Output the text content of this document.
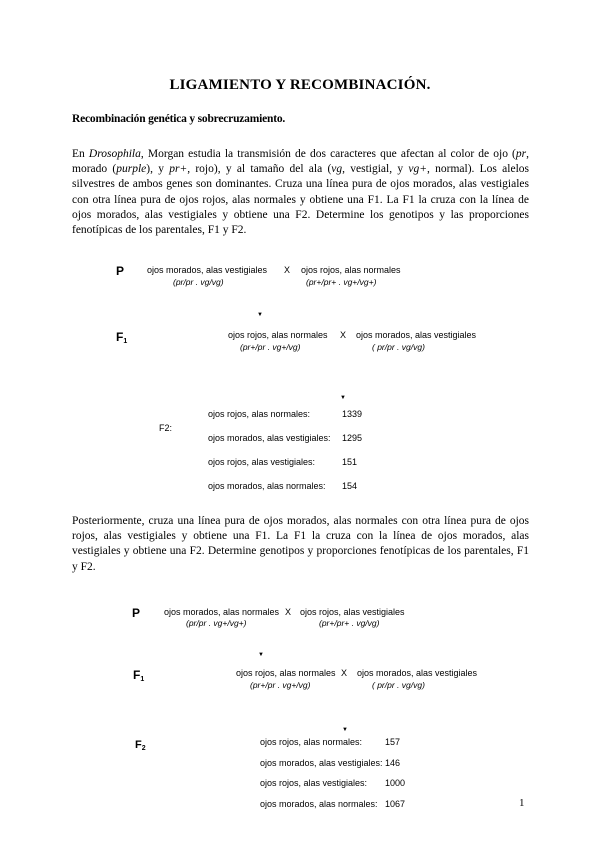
LIGAMIENTO Y RECOMBINACIÓN.
Recombinación genética y sobrecruzamiento.
En Drosophila, Morgan estudia la transmisión de dos caracteres que afectan al color de ojo (pr, morado (purple), y pr+, rojo), y al tamaño del ala (vg, vestigial, y vg+, normal). Los alelos silvestres de ambos genes son dominantes. Cruza una línea pura de ojos morados, alas vestigiales con otra línea pura de ojos rojos, alas normales y obtiene una F1. La F1 la cruza con la línea de ojos morados, alas vestigiales y obtiene una F2. Determine los genotipos y las proporciones fenotípicas de los parentales, F1 y F2.
P	ojos morados, alas vestigiales
(pr/pr . vg/vg)
X ojos rojos, alas normales
(pr+/pr+ . vg+/vg+)
▼
$F_1$
ojos rojos, alas normales
(pr+/pr . vg+/vg)
X ojos morados, alas vestigiales
( pr/pr . vg/vg)
▼
F2:
ojos rojos, alas normales:	1339
ojos morados, alas vestigiales: 1295
ojos rojos, alas vestigiales:	151
ojos morados, alas normales: 154
Posteriormente, cruza una línea pura de ojos morados, alas normales con otra línea pura de ojos rojos, alas vestigiales y obtiene una F1. La F1 la cruza con la línea de ojos morados, alas vestigiales y obtiene una F2. Determine genotipos y proporciones fenotípicas de los parentales, F1 y F2.
P	ojos morados, alas normales
(pr/pr . vg+/vg+)
X ojos rojos, alas vestigiales
(pr+/pr+ . vg/vg)
▼
$F_1$
ojos rojos, alas normales
(pr+/pr . vg+/vg)
X ojos morados, alas vestigiales
( pr/pr . vg/vg)
▼
$F_2$
ojos rojos, alas normales:	157
ojos morados, alas vestigiales: 146
ojos rojos, alas vestigiales: 1000
ojos morados, alas normales: 1067	1
